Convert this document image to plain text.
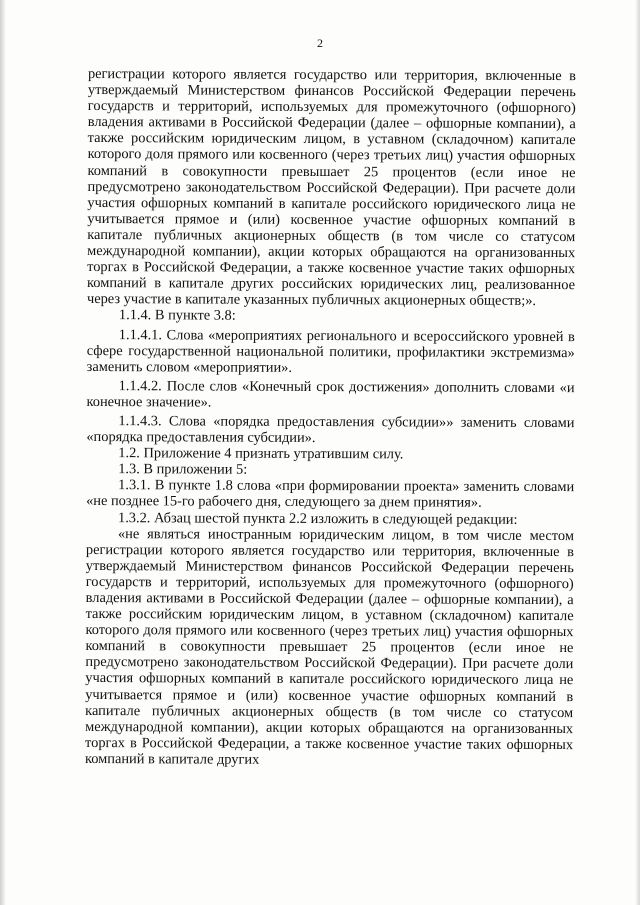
2

регистрации которого является государство или территория, включенные в утверждаемый Министерством финансов Российской Федерации перечень государств и территорий, используемых для промежуточного (офшорного) владения активами в Российской Федерации (далее – офшорные компании), а также российским юридическим лицом, в уставном (складочном) капитале которого доля прямого или косвенного (через третьих лиц) участия офшорных компаний в совокупности превышает 25 процентов (если иное не предусмотрено законодательством Российской Федерации). При расчете доли участия офшорных компаний в капитале российского юридического лица не учитывается прямое и (или) косвенное участие офшорных компаний в капитале публичных акционерных обществ (в том числе со статусом международной компании), акции которых обращаются на организованных торгах в Российской Федерации, а также косвенное участие таких офшорных компаний в капитале других российских юридических лиц, реализованное через участие в капитале указанных публичных акционерных обществ;».

1.1.4. В пункте 3.8:

1.1.4.1. Слова «мероприятиях регионального и всероссийского уровней в сфере государственной национальной политики, профилактики экстремизма» заменить словом «мероприятии».

1.1.4.2. После слов «Конечный срок достижения» дополнить словами «и конечное значение».

1.1.4.3. Слова «порядка предоставления субсидии»» заменить словами «порядка предоставления субсидии».

1.2. Приложение 4 признать утратившим силу.

1.3. В приложении 5:

1.3.1. В пункте 1.8 слова «при формировании проекта» заменить словами «не позднее 15-го рабочего дня, следующего за днем принятия».

1.3.2. Абзац шестой пункта 2.2 изложить в следующей редакции:

«не являться иностранным юридическим лицом, в том числе местом регистрации которого является государство или территория, включенные в утверждаемый Министерством финансов Российской Федерации перечень государств и территорий, используемых для промежуточного (офшорного) владения активами в Российской Федерации (далее – офшорные компании), а также российским юридическим лицом, в уставном (складочном) капитале которого доля прямого или косвенного (через третьих лиц) участия офшорных компаний в совокупности превышает 25 процентов (если иное не предусмотрено законодательством Российской Федерации). При расчете доли участия офшорных компаний в капитале российского юридического лица не учитывается прямое и (или) косвенное участие офшорных компаний в капитале публичных акционерных обществ (в том числе со статусом международной компании), акции которых обращаются на организованных торгах в Российской Федерации, а также косвенное участие таких офшорных компаний в капитале других
